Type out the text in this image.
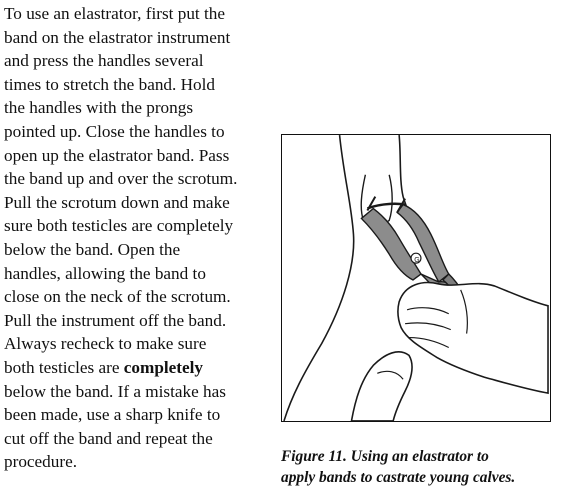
To use an elastrator, first put the
band on the elastrator instrument
and press the handles several
times to stretch the band. Hold
the handles with the prongs
pointed up. Close the handles to
open up the elastrator band. Pass
the band up and over the scrotum.
Pull the scrotum down and make
sure both testicles are completely
below the band. Open the
handles, allowing the band to
close on the neck of the scrotum.
Pull the instrument off the band.
Always recheck to make sure
both testicles are completely
below the band. If a mistake has
been made, use a sharp knife to
cut off the band and repeat the
procedure.
G
Figure 11. Using an elastrator to
apply bands to castrate young calves.
